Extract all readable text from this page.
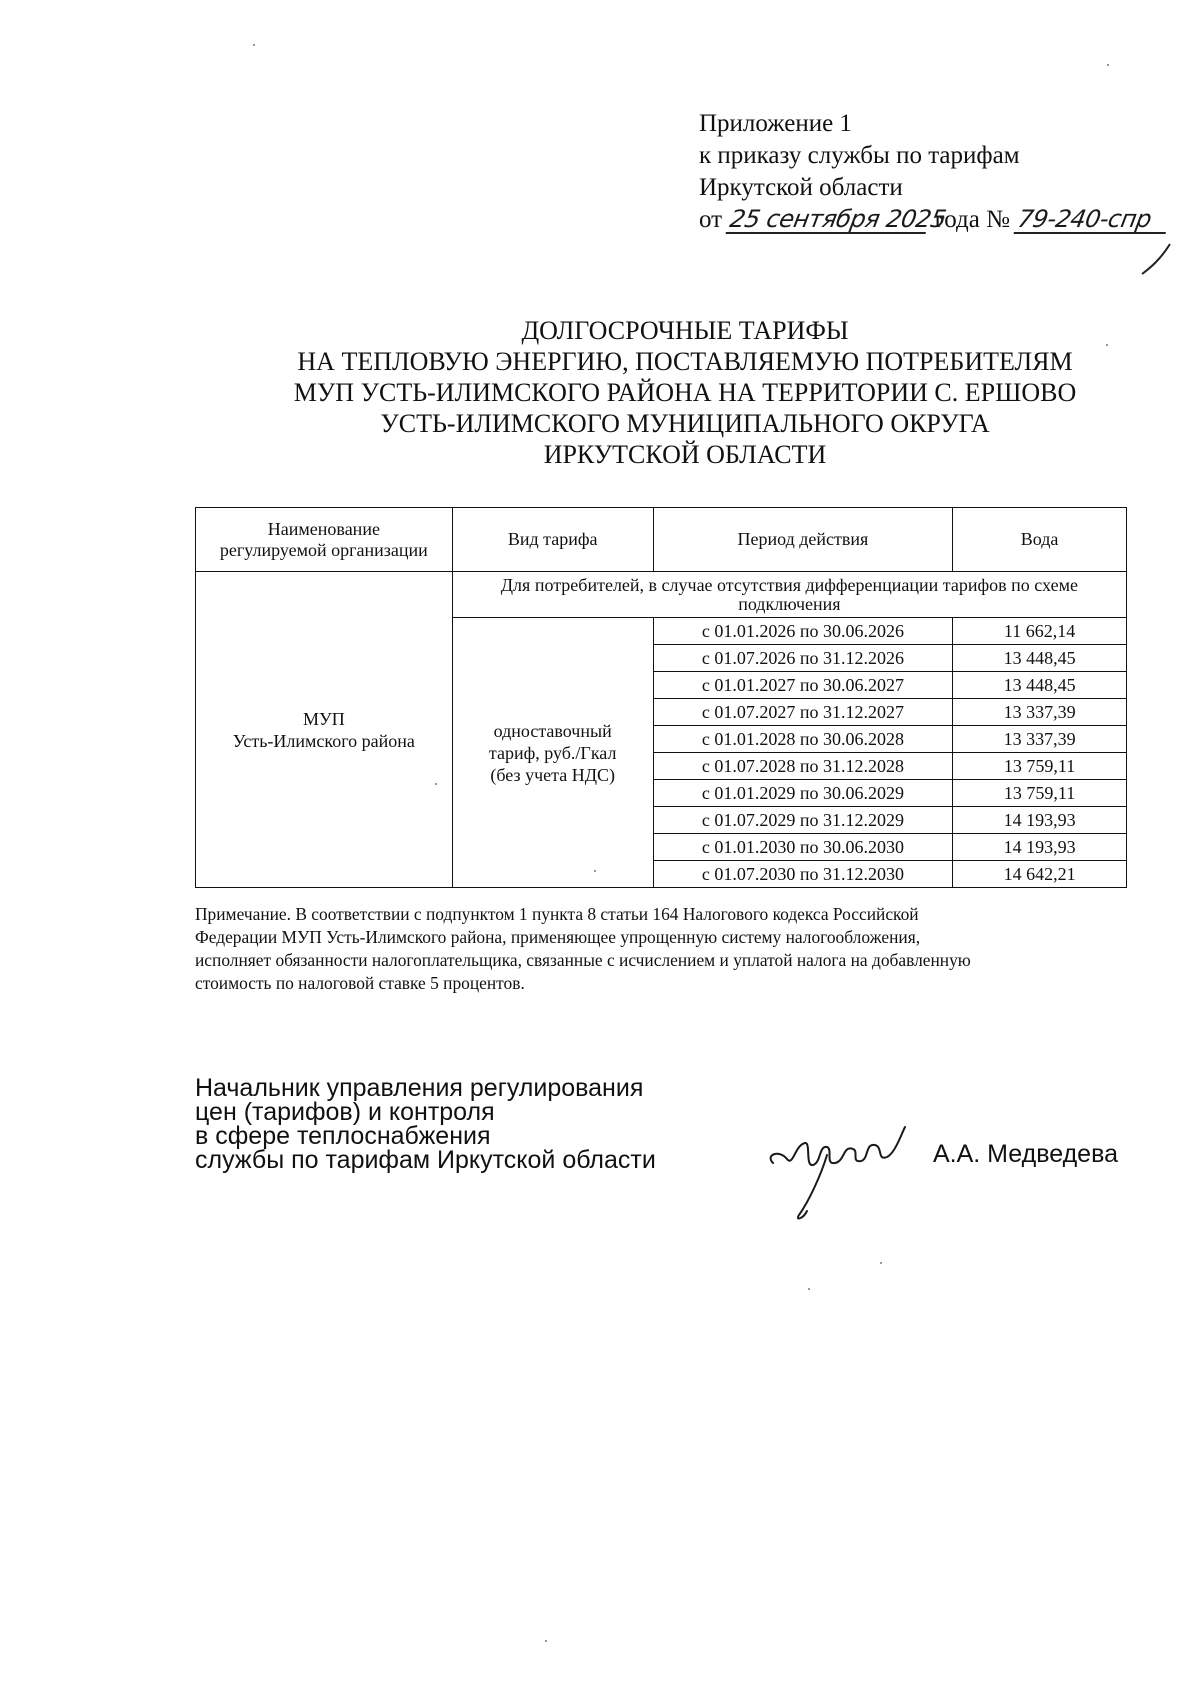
Приложение 1
к приказу службы по тарифам
Иркутской области
от 25 сентября 2025 года № 79-240-спр
ДОЛГОСРОЧНЫЕ ТАРИФЫ
НА ТЕПЛОВУЮ ЭНЕРГИЮ, ПОСТАВЛЯЕМУЮ ПОТРЕБИТЕЛЯМ
МУП УСТЬ-ИЛИМСКОГО РАЙОНА НА ТЕРРИТОРИИ С. ЕРШОВО
УСТЬ-ИЛИМСКОГО МУНИЦИПАЛЬНОГО ОКРУГА
ИРКУТСКОЙ ОБЛАСТИ
Наименование
регулируемой организации	Вид тарифа	Период действия	Вода

МУП
Усть-Илимского района	Для потребителей, в случае отсутствия дифференциации тарифов по схеме подключения		

	одноставочный
тариф, руб./Гкал
(без учета НДС)	с 01.01.2026 по 30.06.2026	11 662,14
		с 01.07.2026 по 31.12.2026	13 448,45
		с 01.01.2027 по 30.06.2027	13 448,45
		с 01.07.2027 по 31.12.2027	13 337,39
		с 01.01.2028 по 30.06.2028	13 337,39
		с 01.07.2028 по 31.12.2028	13 759,11
		с 01.01.2029 по 30.06.2029	13 759,11
		с 01.07.2029 по 31.12.2029	14 193,93
		с 01.01.2030 по 30.06.2030	14 193,93
		с 01.07.2030 по 31.12.2030	14 642,21
Примечание. В соответствии с подпунктом 1 пункта 8 статьи 164 Налогового кодекса Российской
Федерации МУП Усть-Илимского района, применяющее упрощенную систему налогообложения,
исполняет обязанности налогоплательщика, связанные с исчислением и уплатой налога на добавленную
стоимость по налоговой ставке 5 процентов.
Начальник управления регулирования
цен (тарифов) и контроля
в сфере теплоснабжения
службы по тарифам Иркутской области	А.А. Медведева
